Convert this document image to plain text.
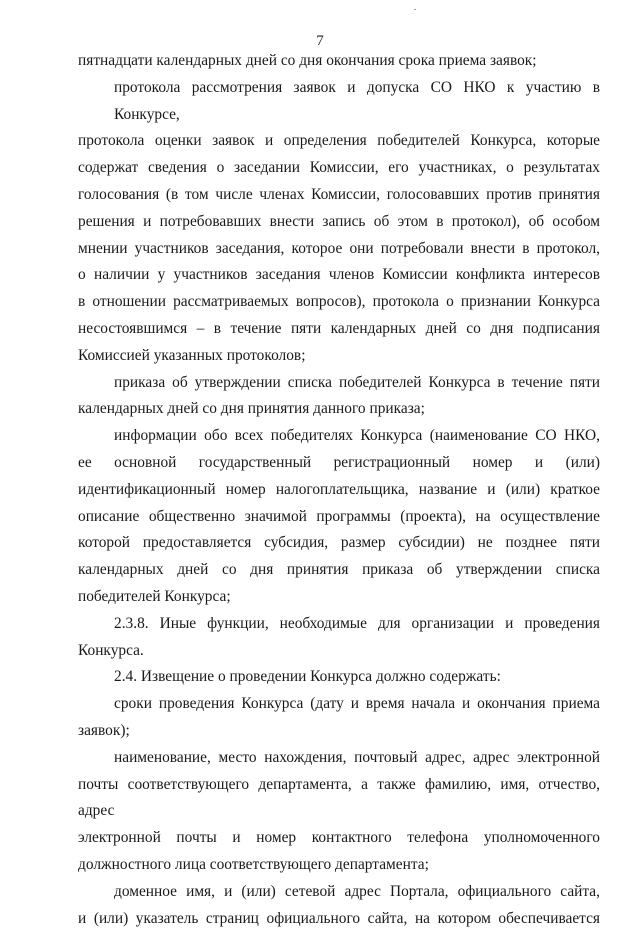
7
пятнадцати календарных дней со дня окончания срока приема заявок;
протокола рассмотрения заявок и допуска СО НКО к участию в Конкурсе,
протокола оценки заявок и определения победителей Конкурса, которые
содержат сведения о заседании Комиссии, его участниках, о результатах
голосования (в том числе членах Комиссии, голосовавших против принятия
решения и потребовавших внести запись об этом в протокол), об особом
мнении участников заседания, которое они потребовали внести в протокол,
о наличии у участников заседания членов Комиссии конфликта интересов
в отношении рассматриваемых вопросов), протокола о признании Конкурса
несостоявшимся – в течение пяти календарных дней со дня подписания
Комиссией указанных протоколов;
приказа об утверждении списка победителей Конкурса в течение пяти
календарных дней со дня принятия данного приказа;
информации обо всех победителях Конкурса (наименование СО НКО,
ее основной государственный регистрационный номер и (или)
идентификационный номер налогоплательщика, название и (или) краткое
описание общественно значимой программы (проекта), на осуществление
которой предоставляется субсидия, размер субсидии) не позднее пяти
календарных дней со дня принятия приказа об утверждении списка
победителей Конкурса;
2.3.8. Иные функции, необходимые для организации и проведения
Конкурса.
2.4. Извещение о проведении Конкурса должно содержать:
сроки проведения Конкурса (дату и время начала и окончания приема
заявок);
наименование, место нахождения, почтовый адрес, адрес электронной
почты соответствующего департамента, а также фамилию, имя, отчество, адрес
электронной почты и номер контактного телефона уполномоченного
должностного лица соответствующего департамента;
доменное имя, и (или) сетевой адрес Портала, официального сайта,
и (или) указатель страниц официального сайта, на котором обеспечивается
